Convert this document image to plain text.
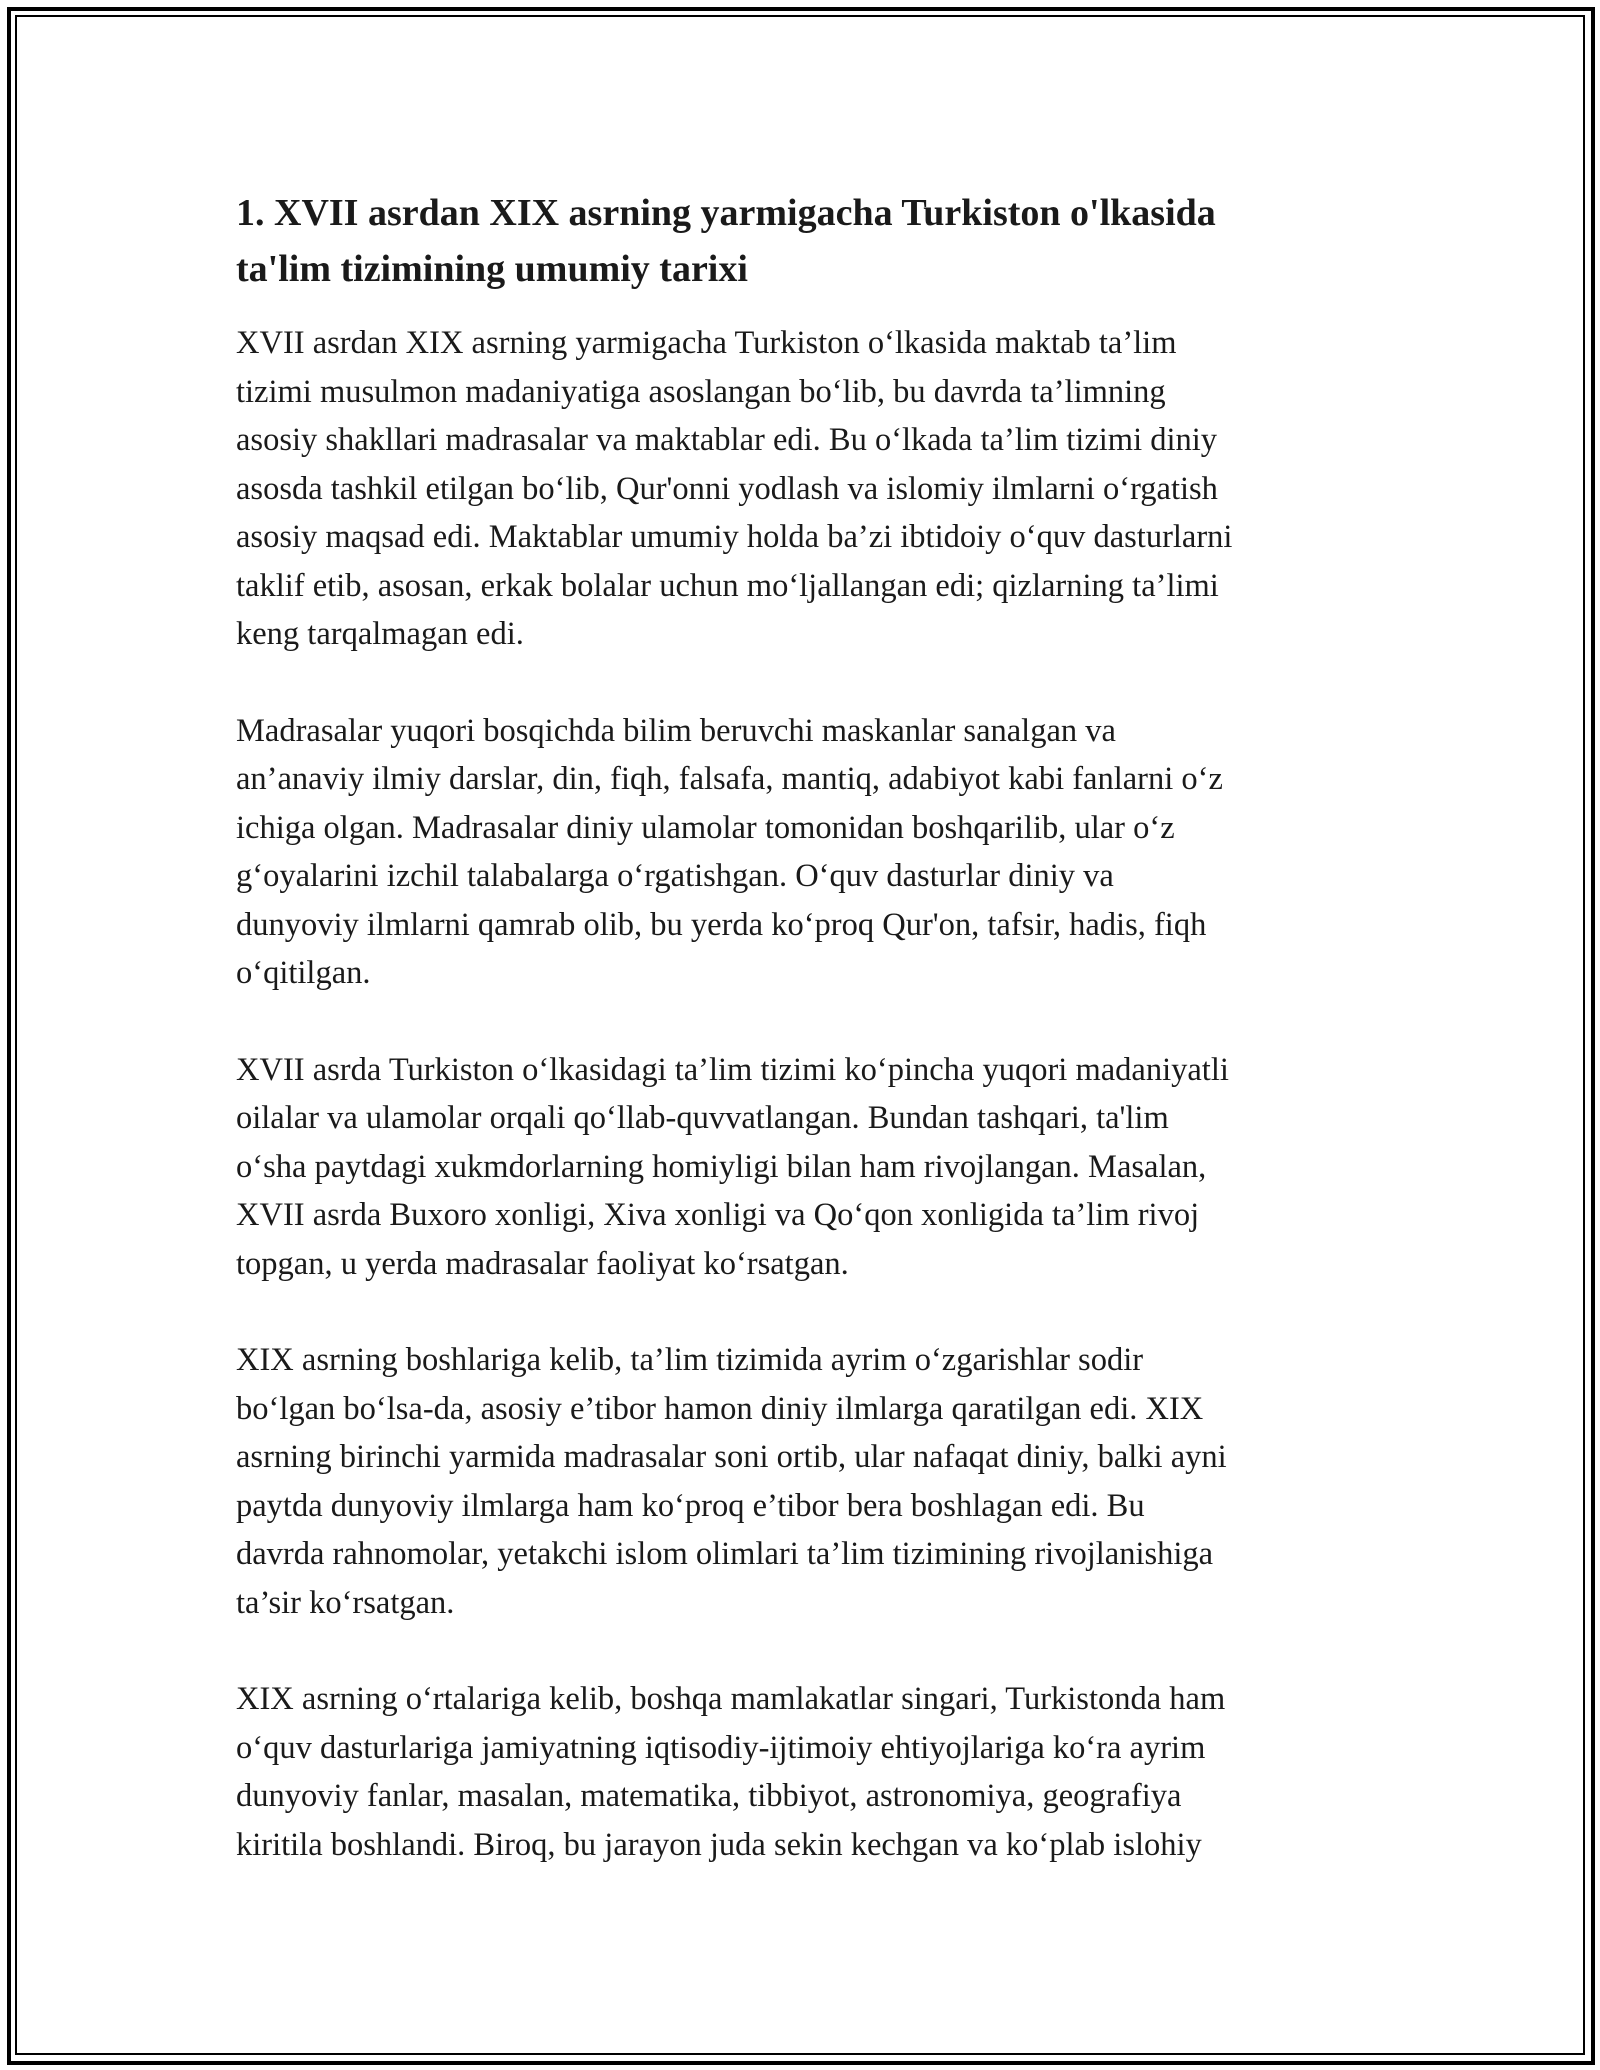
1. XVII asrdan XIX asrning yarmigacha Turkiston o'lkasida
ta'lim tizimining umumiy tarixi

XVII asrdan XIX asrning yarmigacha Turkiston o‘lkasida maktab ta’lim
tizimi musulmon madaniyatiga asoslangan bo‘lib, bu davrda ta’limning
asosiy shakllari madrasalar va maktablar edi. Bu o‘lkada ta’lim tizimi diniy
asosda tashkil etilgan bo‘lib, Qur'onni yodlash va islomiy ilmlarni o‘rgatish
asosiy maqsad edi. Maktablar umumiy holda ba’zi ibtidoiy o‘quv dasturlarni
taklif etib, asosan, erkak bolalar uchun mo‘ljallangan edi; qizlarning ta’limi
keng tarqalmagan edi.

Madrasalar yuqori bosqichda bilim beruvchi maskanlar sanalgan va
an’anaviy ilmiy darslar, din, fiqh, falsafa, mantiq, adabiyot kabi fanlarni o‘z
ichiga olgan. Madrasalar diniy ulamolar tomonidan boshqarilib, ular o‘z
g‘oyalarini izchil talabalarga o‘rgatishgan. O‘quv dasturlar diniy va
dunyoviy ilmlarni qamrab olib, bu yerda ko‘proq Qur'on, tafsir, hadis, fiqh
o‘qitilgan.

XVII asrda Turkiston o‘lkasidagi ta’lim tizimi ko‘pincha yuqori madaniyatli
oilalar va ulamolar orqali qo‘llab-quvvatlangan. Bundan tashqari, ta'lim
o‘sha paytdagi xukmdorlarning homiyligi bilan ham rivojlangan. Masalan,
XVII asrda Buxoro xonligi, Xiva xonligi va Qo‘qon xonligida ta’lim rivoj
topgan, u yerda madrasalar faoliyat ko‘rsatgan.

XIX asrning boshlariga kelib, ta’lim tizimida ayrim o‘zgarishlar sodir
bo‘lgan bo‘lsa-da, asosiy e’tibor hamon diniy ilmlarga qaratilgan edi. XIX
asrning birinchi yarmida madrasalar soni ortib, ular nafaqat diniy, balki ayni
paytda dunyoviy ilmlarga ham ko‘proq e’tibor bera boshlagan edi. Bu
davrda rahnomolar, yetakchi islom olimlari ta’lim tizimining rivojlanishiga
ta’sir ko‘rsatgan.

XIX asrning o‘rtalariga kelib, boshqa mamlakatlar singari, Turkistonda ham
o‘quv dasturlariga jamiyatning iqtisodiy-ijtimoiy ehtiyojlariga ko‘ra ayrim
dunyoviy fanlar, masalan, matematika, tibbiyot, astronomiya, geografiya
kiritila boshlandi. Biroq, bu jarayon juda sekin kechgan va ko‘plab islohiy
